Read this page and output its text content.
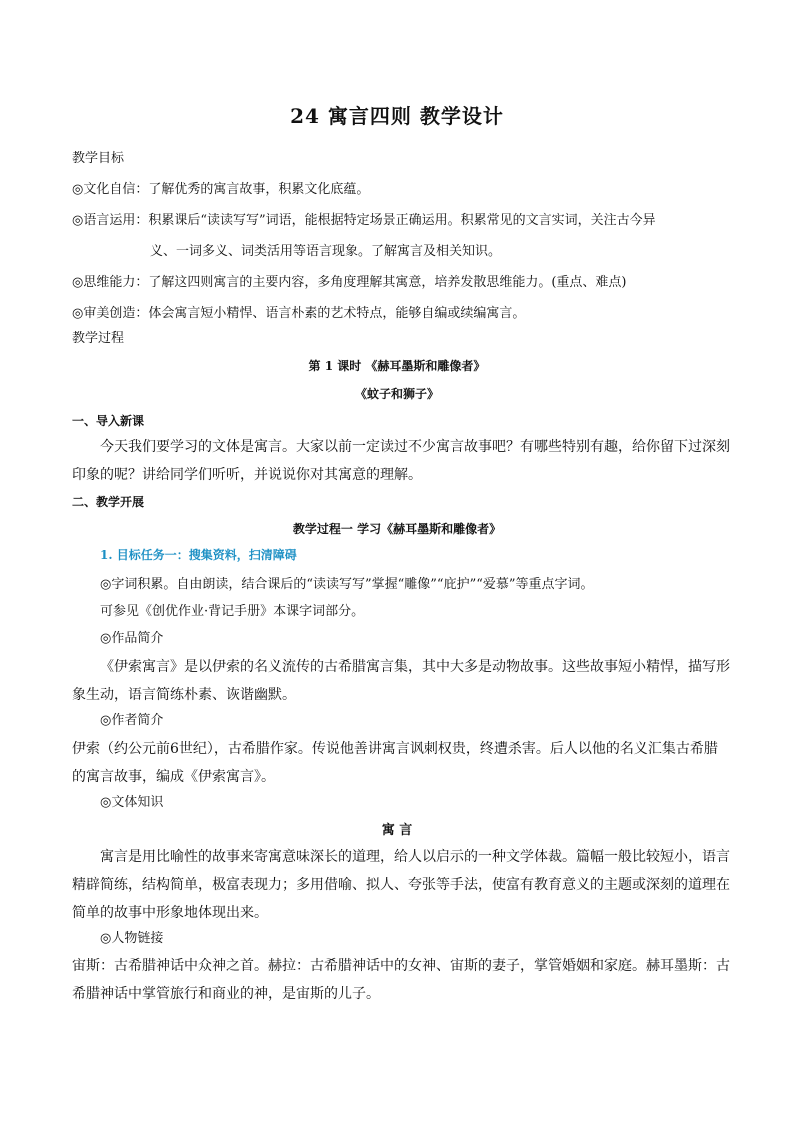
24 寓言四则 教学设计
教学目标
◎文化自信：了解优秀的寓言故事，积累文化底蕴。
◎语言运用：积累课后“读读写写”词语，能根据特定场景正确运用。积累常见的文言实词，关注古今异
义、一词多义、词类活用等语言现象。了解寓言及相关知识。
◎思维能力：了解这四则寓言的主要内容，多角度理解其寓意，培养发散思维能力。(重点、难点)
◎审美创造：体会寓言短小精悍、语言朴素的艺术特点，能够自编或续编寓言。
教学过程
第 1 课时 《赫耳墨斯和雕像者》
《蚊子和狮子》
一、导入新课
今天我们要学习的文体是寓言。大家以前一定读过不少寓言故事吧？有哪些特别有趣，给你留下过深刻印象的呢？讲给同学们听听，并说说你对其寓意的理解。
二、教学开展
教学过程一 学习《赫耳墨斯和雕像者》
1. 目标任务一：搜集资料，扫清障碍
◎字词积累。自由朗读，结合课后的“读读写写”掌握“雕像”“庇护”“爱慕”等重点字词。
可参见《创优作业·背记手册》本课字词部分。
◎作品简介
《伊索寓言》是以伊索的名义流传的古希腊寓言集，其中大多是动物故事。这些故事短小精悍，描写形象生动，语言简练朴素、诙谐幽默。
◎作者简介
伊索（约公元前6世纪），古希腊作家。传说他善讲寓言讽刺权贵，终遭杀害。后人以他的名义汇集古希腊的寓言故事，编成《伊索寓言》。
◎文体知识
寓 言
寓言是用比喻性的故事来寄寓意味深长的道理，给人以启示的一种文学体裁。篇幅一般比较短小，语言精辟简练，结构简单，极富表现力；多用借喻、拟人、夸张等手法，使富有教育意义的主题或深刻的道理在简单的故事中形象地体现出来。
◎人物链接
宙斯：古希腊神话中众神之首。赫拉：古希腊神话中的女神、宙斯的妻子，掌管婚姻和家庭。赫耳墨斯：古希腊神话中掌管旅行和商业的神，是宙斯的儿子。
